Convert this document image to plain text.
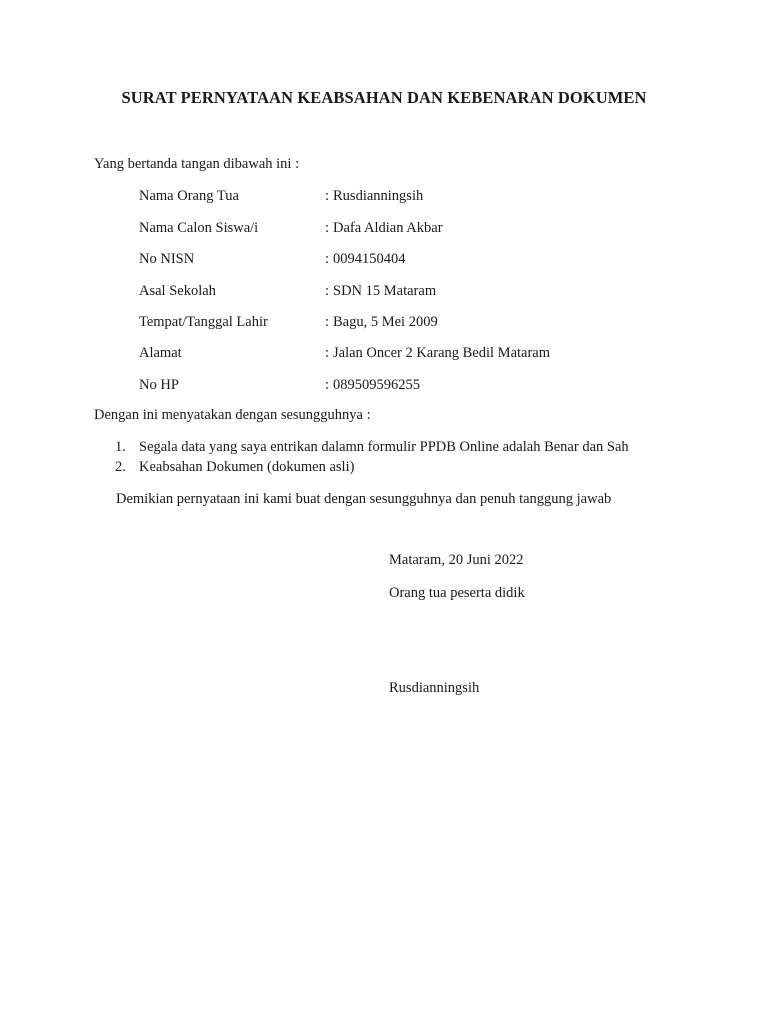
SURAT PERNYATAAN KEABSAHAN DAN KEBENARAN DOKUMEN
Yang bertanda tangan dibawah ini :
Nama Orang Tua	: Rusdianningsih
Nama Calon Siswa/i	: Dafa Aldian Akbar
No NISN	: 0094150404
Asal Sekolah	: SDN 15 Mataram
Tempat/Tanggal Lahir	: Bagu, 5 Mei 2009
Alamat	: Jalan Oncer 2 Karang Bedil Mataram
No HP	: 089509596255
Dengan ini menyatakan dengan sesungguhnya :
1. Segala data yang saya entrikan dalamn formulir PPDB Online adalah Benar dan Sah
2. Keabsahan Dokumen (dokumen asli)
Demikian pernyataan ini kami buat dengan sesungguhnya dan penuh tanggung jawab
Mataram, 20 Juni 2022
Orang tua peserta didik
Rusdianningsih
